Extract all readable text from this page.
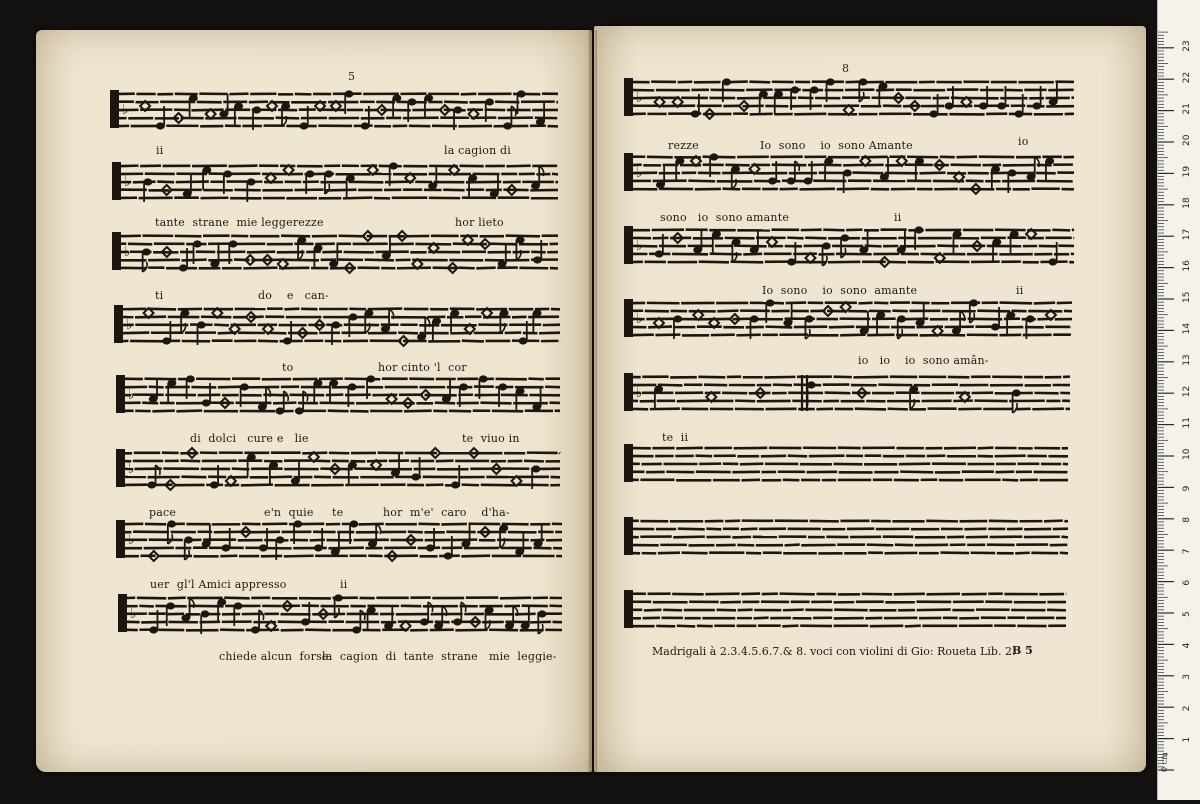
5
8
♭
♭
♭
♭
♭
♭
♭
♭
♭
♭
♭
♭
♭
ii	la cagion di
tante  strane  mie leggerezze	hor lieto
ti	do    e   can-
to	hor cinto 'l  cor
di  dolci   cure e   lie	te  viuo in
pace	e'n  quie     te	hor  m'e'  caro    d'ha-
uer  gl'l Amici appresso	ii
chiede alcun  forse
la  cagion  di  tante  strane   mie  leggie-
rezze	Io  sono    io  sono Amante	io
sono   io  sono amante	ii
Io  sono    io  sono  amante	ii
io   io    io  sono amân-
te  ii
Madrigali à 2.3.4.5.6.7.& 8. voci con violini di Gio: Roueta Lib. 2.
B 5
1
2
3
4
5
6
7
8
9
10
11
12
13
14
15
16
17
18
19
20
21
22
23
0 cm
